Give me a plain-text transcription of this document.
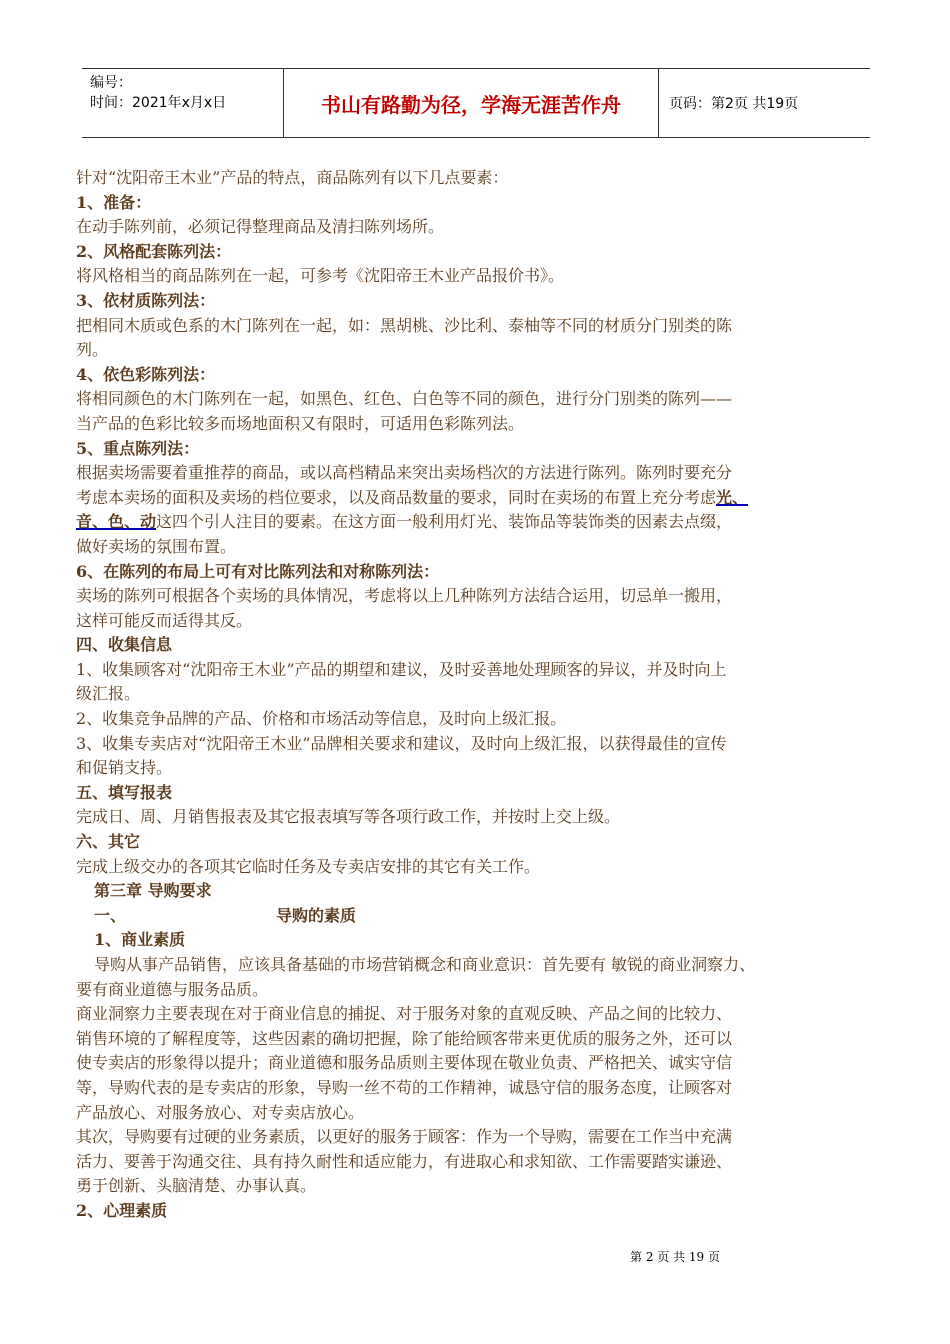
编号：
时间：2021年x月x日	书山有路勤为径，学海无涯苦作舟	页码：第2页 共19页
针对“沈阳帝王木业”产品的特点，商品陈列有以下几点要素：
1、准备：
在动手陈列前，必须记得整理商品及清扫陈列场所。
2、风格配套陈列法：
将风格相当的商品陈列在一起，可参考《沈阳帝王木业产品报价书》。
3、依材质陈列法：
把相同木质或色系的木门陈列在一起，如：黑胡桃、沙比利、泰柚等不同的材质分门别类的陈
列。
4、依色彩陈列法：
将相同颜色的木门陈列在一起，如黑色、红色、白色等不同的颜色，进行分门别类的陈列——
当产品的色彩比较多而场地面积又有限时，可适用色彩陈列法。
5、重点陈列法：
根据卖场需要着重推荐的商品，或以高档精品来突出卖场档次的方法进行陈列。陈列时要充分
考虑本卖场的面积及卖场的档位要求，以及商品数量的要求，同时在卖场的布置上充分考虑光、
音、色、动这四个引人注目的要素。在这方面一般利用灯光、装饰品等装饰类的因素去点缀，
做好卖场的氛围布置。
6、在陈列的布局上可有对比陈列法和对称陈列法：
卖场的陈列可根据各个卖场的具体情况，考虑将以上几种陈列方法结合运用，切忌单一搬用，
这样可能反而适得其反。
四、收集信息
1、收集顾客对“沈阳帝王木业”产品的期望和建议，及时妥善地处理顾客的异议，并及时向上
级汇报。
2、收集竞争品牌的产品、价格和市场活动等信息，及时向上级汇报。
3、收集专卖店对“沈阳帝王木业”品牌相关要求和建议，及时向上级汇报，以获得最佳的宣传
和促销支持。
五、填写报表
完成日、周、月销售报表及其它报表填写等各项行政工作，并按时上交上级。
六、其它
完成上级交办的各项其它临时任务及专卖店安排的其它有关工作。
第三章 导购要求
一、	导购的素质
1、商业素质
导购从事产品销售，应该具备基础的市场营销概念和商业意识：首先要有 敏锐的商业洞察力、
要有商业道德与服务品质。
商业洞察力主要表现在对于商业信息的捕捉、对于服务对象的直观反映、产品之间的比较力、
销售环境的了解程度等，这些因素的确切把握，除了能给顾客带来更优质的服务之外，还可以
使专卖店的形象得以提升；商业道德和服务品质则主要体现在敬业负责、严格把关、诚实守信
等，导购代表的是专卖店的形象，导购一丝不苟的工作精神，诚恳守信的服务态度，让顾客对
产品放心、对服务放心、对专卖店放心。
其次，导购要有过硬的业务素质，以更好的服务于顾客：作为一个导购，需要在工作当中充满
活力、要善于沟通交往、具有持久耐性和适应能力，有进取心和求知欲、工作需要踏实谦逊、
勇于创新、头脑清楚、办事认真。
2、心理素质
第 2 页 共 19 页
